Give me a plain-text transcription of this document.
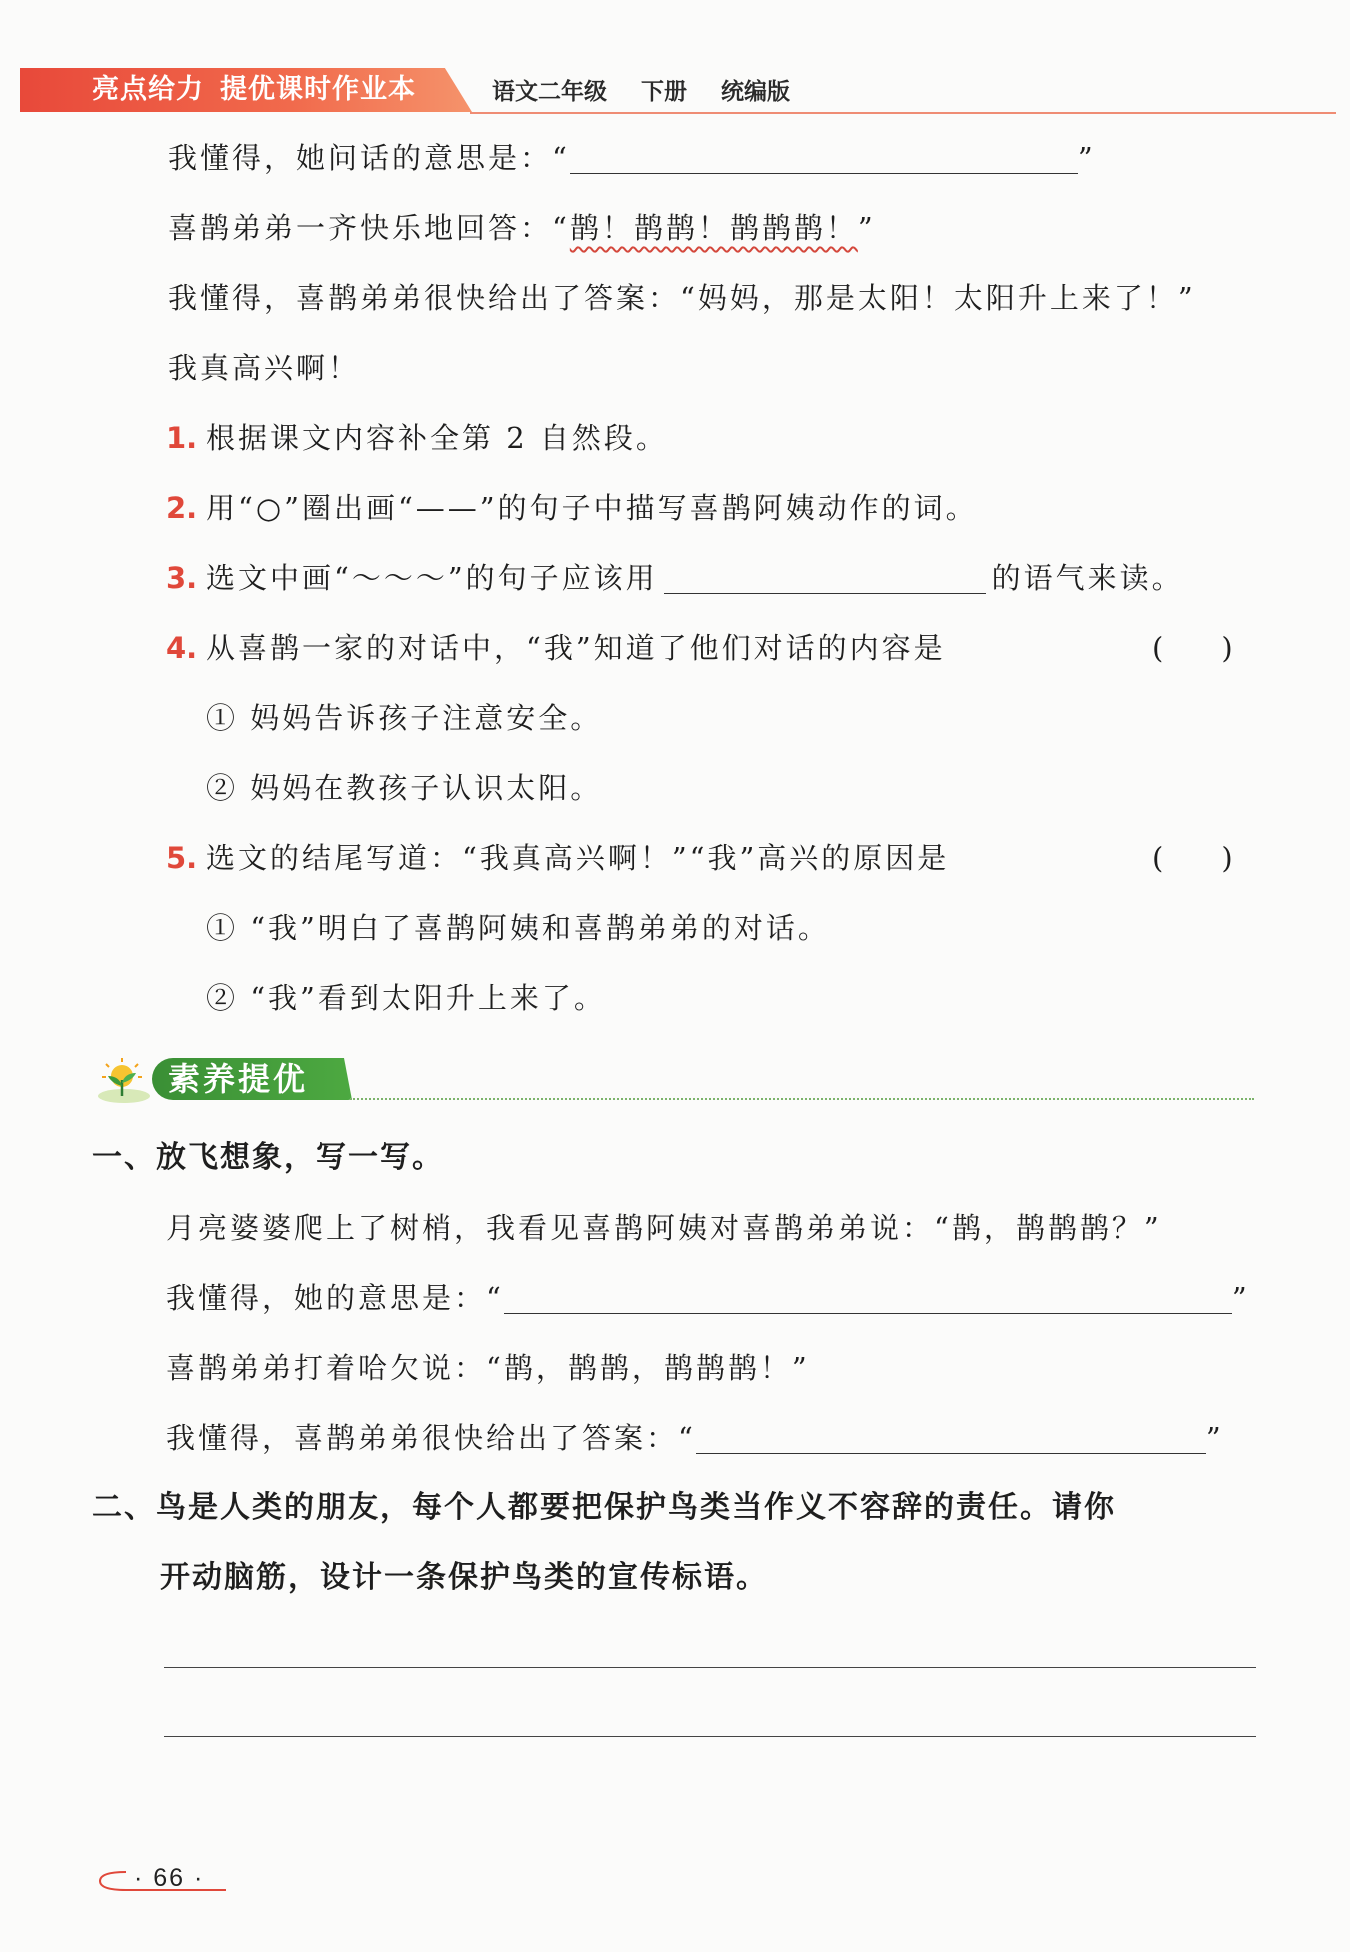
亮点给力 提优课时作业本	语文二年级 下册 统编版
我懂得，她问话的意思是：“	”
喜鹊弟弟一齐快乐地回答：“鹊！鹊鹊！鹊鹊鹊！”
我懂得，喜鹊弟弟很快给出了答案：“妈妈，那是太阳！太阳升上来了！”
我真高兴啊！
1. 根据课文内容补全第 2 自然段。
2. 用“○”圈出画“——”的句子中描写喜鹊阿姨动作的词。
3. 选文中画“～～～”的句子应该用	的语气来读。
4. 从喜鹊一家的对话中，“我”知道了他们对话的内容是	(　　)
① 妈妈告诉孩子注意安全。
② 妈妈在教孩子认识太阳。
5. 选文的结尾写道：“我真高兴啊！”“我”高兴的原因是	(　　)
① “我”明白了喜鹊阿姨和喜鹊弟弟的对话。
② “我”看到太阳升上来了。
素养提优
一、放飞想象，写一写。
月亮婆婆爬上了树梢，我看见喜鹊阿姨对喜鹊弟弟说：“鹊，鹊鹊鹊？”
我懂得，她的意思是：“	”
喜鹊弟弟打着哈欠说：“鹊，鹊鹊，鹊鹊鹊！”
我懂得，喜鹊弟弟很快给出了答案：“	”
二、鸟是人类的朋友，每个人都要把保护鸟类当作义不容辞的责任。请你
开动脑筋，设计一条保护鸟类的宣传标语。
· 66 ·
